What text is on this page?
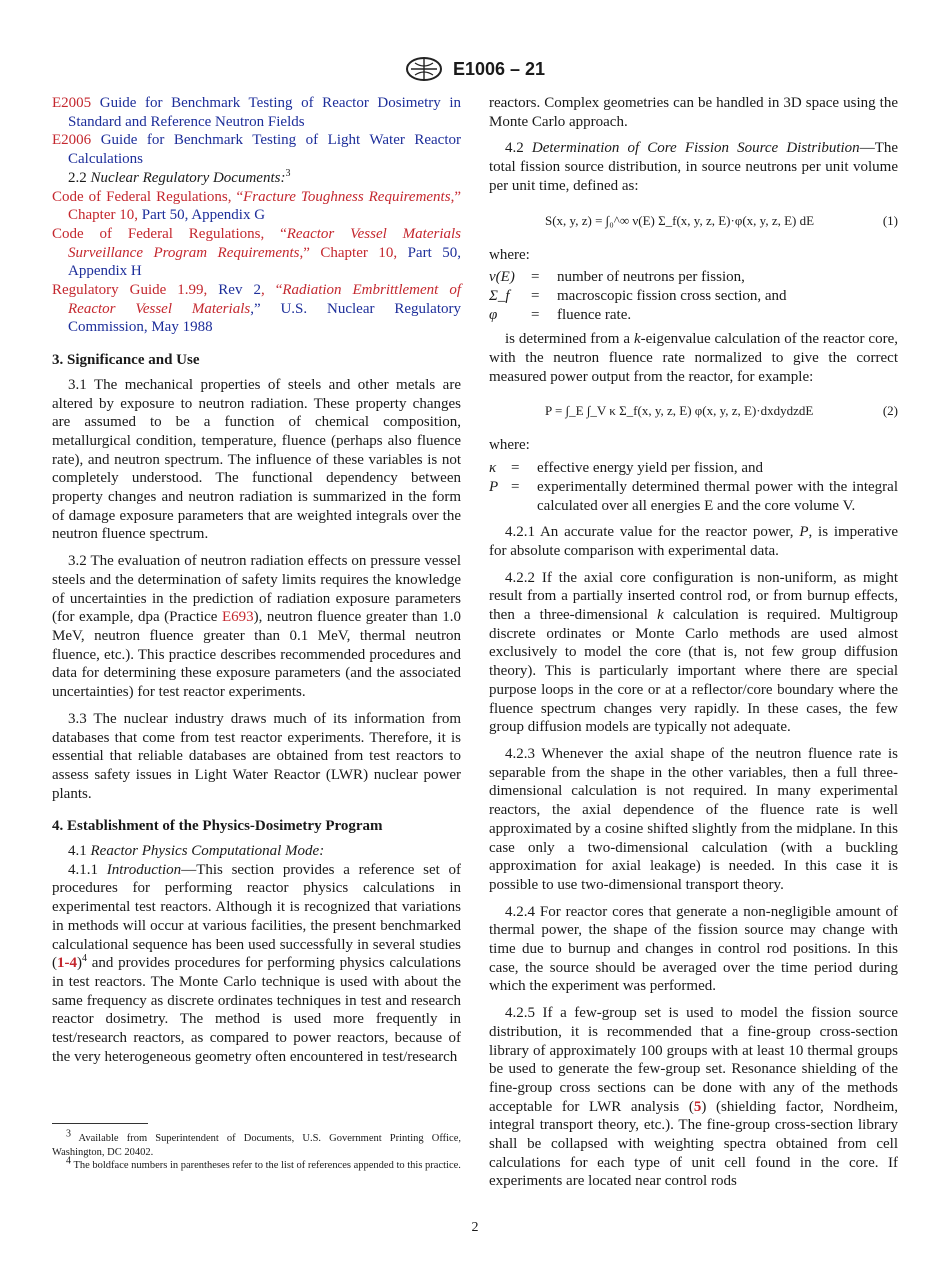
E1006 – 21

E2005 Guide for Benchmark Testing of Reactor Dosimetry in Standard and Reference Neutron Fields

E2006 Guide for Benchmark Testing of Light Water Reactor Calculations

2.2 Nuclear Regulatory Documents:$^3$

Code of Federal Regulations, “Fracture Toughness Requirements,” Chapter 10, Part 50, Appendix G

Code of Federal Regulations, “Reactor Vessel Materials Surveillance Program Requirements,” Chapter 10, Part 50, Appendix H

Regulatory Guide 1.99, Rev 2, “Radiation Embrittlement of Reactor Vessel Materials,” U.S. Nuclear Regulatory Commission, May 1988

3. Significance and Use

3.1 The mechanical properties of steels and other metals are altered by exposure to neutron radiation. These property changes are assumed to be a function of chemical composition, metallurgical condition, temperature, fluence (perhaps also fluence rate), and neutron spectrum. The influence of these variables is not completely understood. The functional dependency between property changes and neutron radiation is summarized in the form of damage exposure parameters that are weighted integrals over the neutron fluence spectrum.

3.2 The evaluation of neutron radiation effects on pressure vessel steels and the determination of safety limits requires the knowledge of uncertainties in the prediction of radiation exposure parameters (for example, dpa (Practice E693), neutron fluence greater than 1.0 MeV, neutron fluence greater than 0.1 MeV, thermal neutron fluence, etc.). This practice describes recommended procedures and data for determining these exposure parameters (and the associated uncertainties) for test reactor experiments.

3.3 The nuclear industry draws much of its information from databases that come from test reactor experiments. Therefore, it is essential that reliable databases are obtained from test reactors to assess safety issues in Light Water Reactor (LWR) nuclear power plants.

4. Establishment of the Physics-Dosimetry Program

4.1 Reactor Physics Computational Mode:

4.1.1 Introduction—This section provides a reference set of procedures for performing reactor physics calculations in experimental test reactors. Although it is recognized that variations in methods will occur at various facilities, the present benchmarked calculational sequence has been used successfully in several studies $(1-4)^4$ and provides procedures for performing physics calculations in test reactors. The Monte Carlo technique is used with about the same frequency as discrete ordinates techniques in test and research reactor dosimetry. The method is used more frequently in test/research reactors, as compared to power reactors, because of the very heterogeneous geometry often encountered in test/research

reactors. Complex geometries can be handled in 3D space using the Monte Carlo approach.

4.2 Determination of Core Fission Source Distribution—The total fission source distribution, in source neutrons per unit volume per unit time, defined as:

S(x, y, z) = ∫₀^∞ ν(E) Σ_f(x, y, z, E)·φ(x, y, z, E) dE	(1)

where:

ν(E) = number of neutrons per fission,
Σ_f = macroscopic fission cross section, and
φ = fluence rate.

is determined from a k-eigenvalue calculation of the reactor core, with the neutron fluence rate normalized to give the correct measured power output from the reactor, for example:

P = ∫_E ∫_V κ Σ_f(x, y, z, E) φ(x, y, z, E)·dxdydzdE	(2)

where:

κ = effective energy yield per fission, and
P = experimentally determined thermal power with the integral calculated over all energies E and the core volume V.

4.2.1 An accurate value for the reactor power, P, is imperative for absolute comparison with experimental data.

4.2.2 If the axial core configuration is non-uniform, as might result from a partially inserted control rod, or from burnup effects, then a three-dimensional k calculation is required. Multigroup discrete ordinates or Monte Carlo methods are used almost exclusively to model the core (that is, not few group diffusion theory). This is particularly important where there are special purpose loops in the core or at a reflector/core boundary where the fluence spectrum changes very rapidly. In these cases, the few group diffusion models are typically not adequate.

4.2.3 Whenever the axial shape of the neutron fluence rate is separable from the shape in the other variables, then a full three-dimensional calculation is not required. In many experimental reactors, the axial dependence of the fluence rate is well approximated by a cosine shifted slightly from the midplane. In this case only a two-dimensional calculation (with a buckling approximation for axial leakage) is needed. In this case it is possible to use two-dimensional transport theory.

4.2.4 For reactor cores that generate a non-negligible amount of thermal power, the shape of the fission source may change with time due to burnup and changes in control rod positions. In this case, the source should be averaged over the time period during which the experiment was performed.

4.2.5 If a few-group set is used to model the fission source distribution, it is recommended that a fine-group cross-section library of approximately 100 groups with at least 10 thermal groups be used to generate the few-group set. Resonance shielding of the fine-group cross sections can be done with any of the methods acceptable for LWR analysis (5) (shielding factor, Nordheim, integral transport theory, etc.). The fine-group cross-section library shall be collapsed with weighting spectra obtained from cell calculations for each type of unit cell found in the core. If experiments are located near control rods

$^3$ Available from Superintendent of Documents, U.S. Government Printing Office, Washington, DC 20402.

$^4$ The boldface numbers in parentheses refer to the list of references appended to this practice.

2
